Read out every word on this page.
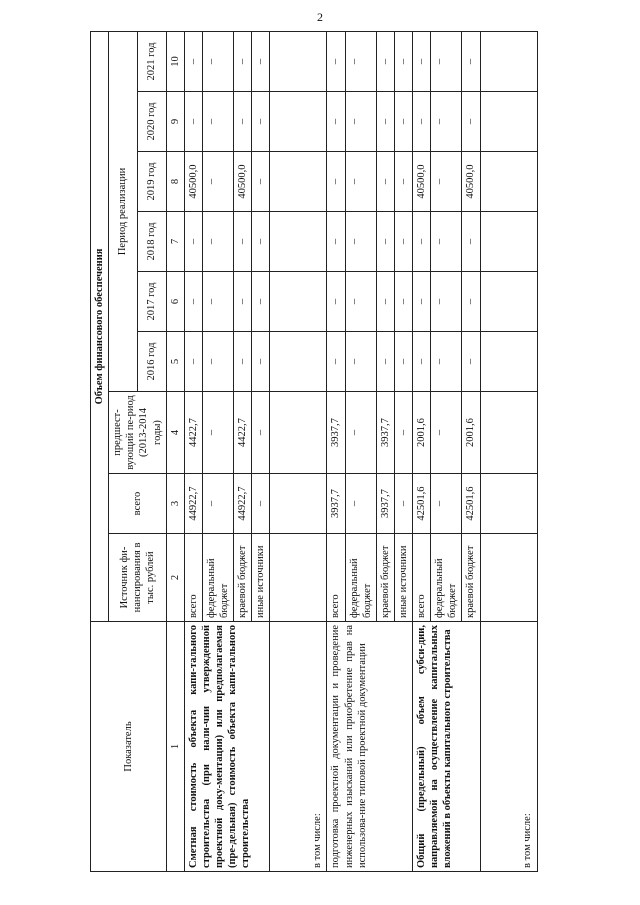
2
Показатель	Объем финансового обеспечения								
	Источник фи-нансирования в тыс. рублей	всего	предшест-вующий пе-риод (2013-2014 годы)	Период реализации					
				2016 год	2017 год	2018 год	2019 год	2020 год	2021 год
1	2	3	4	5	6	7	8	9	10
Сметная стоимость объекта капи-тального строительства (при нали-чии утвержденной проектной доку-ментации) или предполагаемая (пре-дельная) стоимость объекта капи-тального строительства	всего	44922,7	4422,7	–	–	–	40500,0	–	–
	федеральный бюджет	–	–	–	–	–	–	–	–
	краевой бюджет	44922,7	4422,7	–	–	–	40500,0	–	–
	иные источники	–	–	–	–	–	–	–	–
в том числе:									
подготовка проектной документации и проведение инженерных изысканий или приобретение прав на использова-ние типовой проектной документации	всего	3937,7	3937,7	–	–	–	–	–	–
	федеральный бюджет	–	–	–	–	–	–	–	–
	краевой бюджет	3937,7	3937,7	–	–	–	–	–	–
	иные источники	–	–	–	–	–	–	–	–
Общий (предельный) объем субси-дии, направляемой на осуществление капитальных вложений в объекты капитального строительства	всего	42501,6	2001,6	–	–	–	40500,0	–	–
	федеральный бюджет	–	–	–	–	–	–	–	–
	краевой бюджет	42501,6	2001,6	–	–	–	40500,0	–	–
в том числе:									
